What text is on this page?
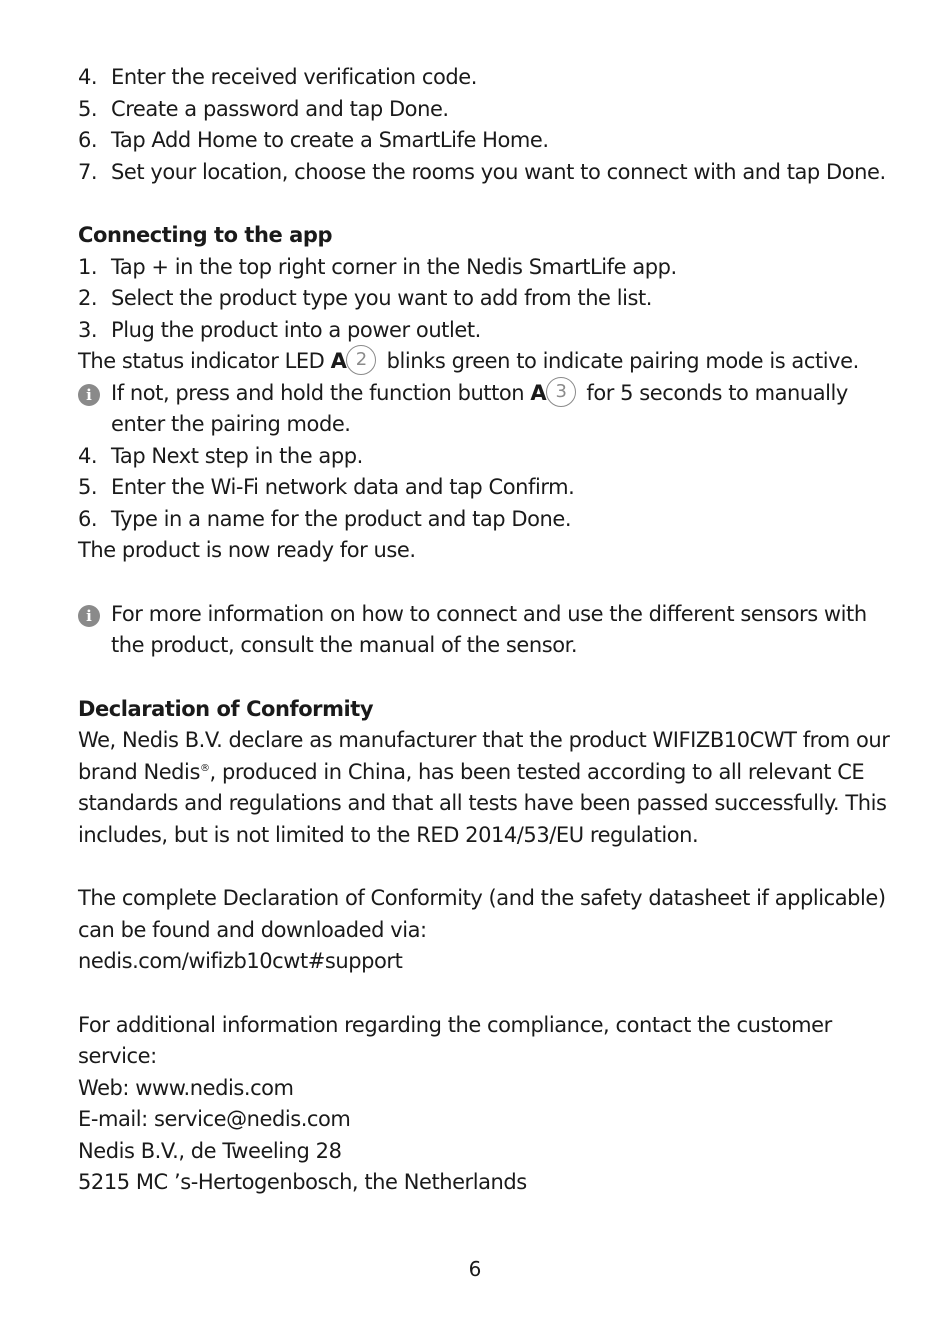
4. Enter the received verification code.
5. Create a password and tap Done.
6. Tap Add Home to create a SmartLife Home.
7. Set your location, choose the rooms you want to connect with and tap Done.
Connecting to the app
1. Tap + in the top right corner in the Nedis SmartLife app.
2. Select the product type you want to add from the list.
3. Plug the product into a power outlet.
The status indicator LED A 2 blinks green to indicate pairing mode is active.
i If not, press and hold the function button A 3 for 5 seconds to manually
enter the pairing mode.
4. Tap Next step in the app.
5. Enter the Wi-Fi network data and tap Confirm.
6. Type in a name for the product and tap Done.
The product is now ready for use.
i For more information on how to connect and use the different sensors with
the product, consult the manual of the sensor.
Declaration of Conformity
We, Nedis B.V. declare as manufacturer that the product WIFIZB10CWT from our
brand Nedis®, produced in China, has been tested according to all relevant CE
standards and regulations and that all tests have been passed successfully. This
includes, but is not limited to the RED 2014/53/EU regulation.
The complete Declaration of Conformity (and the safety datasheet if applicable)
can be found and downloaded via:
nedis.com/wifizb10cwt#support
For additional information regarding the compliance, contact the customer
service:
Web: www.nedis.com
E-mail: service@nedis.com
Nedis B.V., de Tweeling 28
5215 MC ’s-Hertogenbosch, the Netherlands
6
